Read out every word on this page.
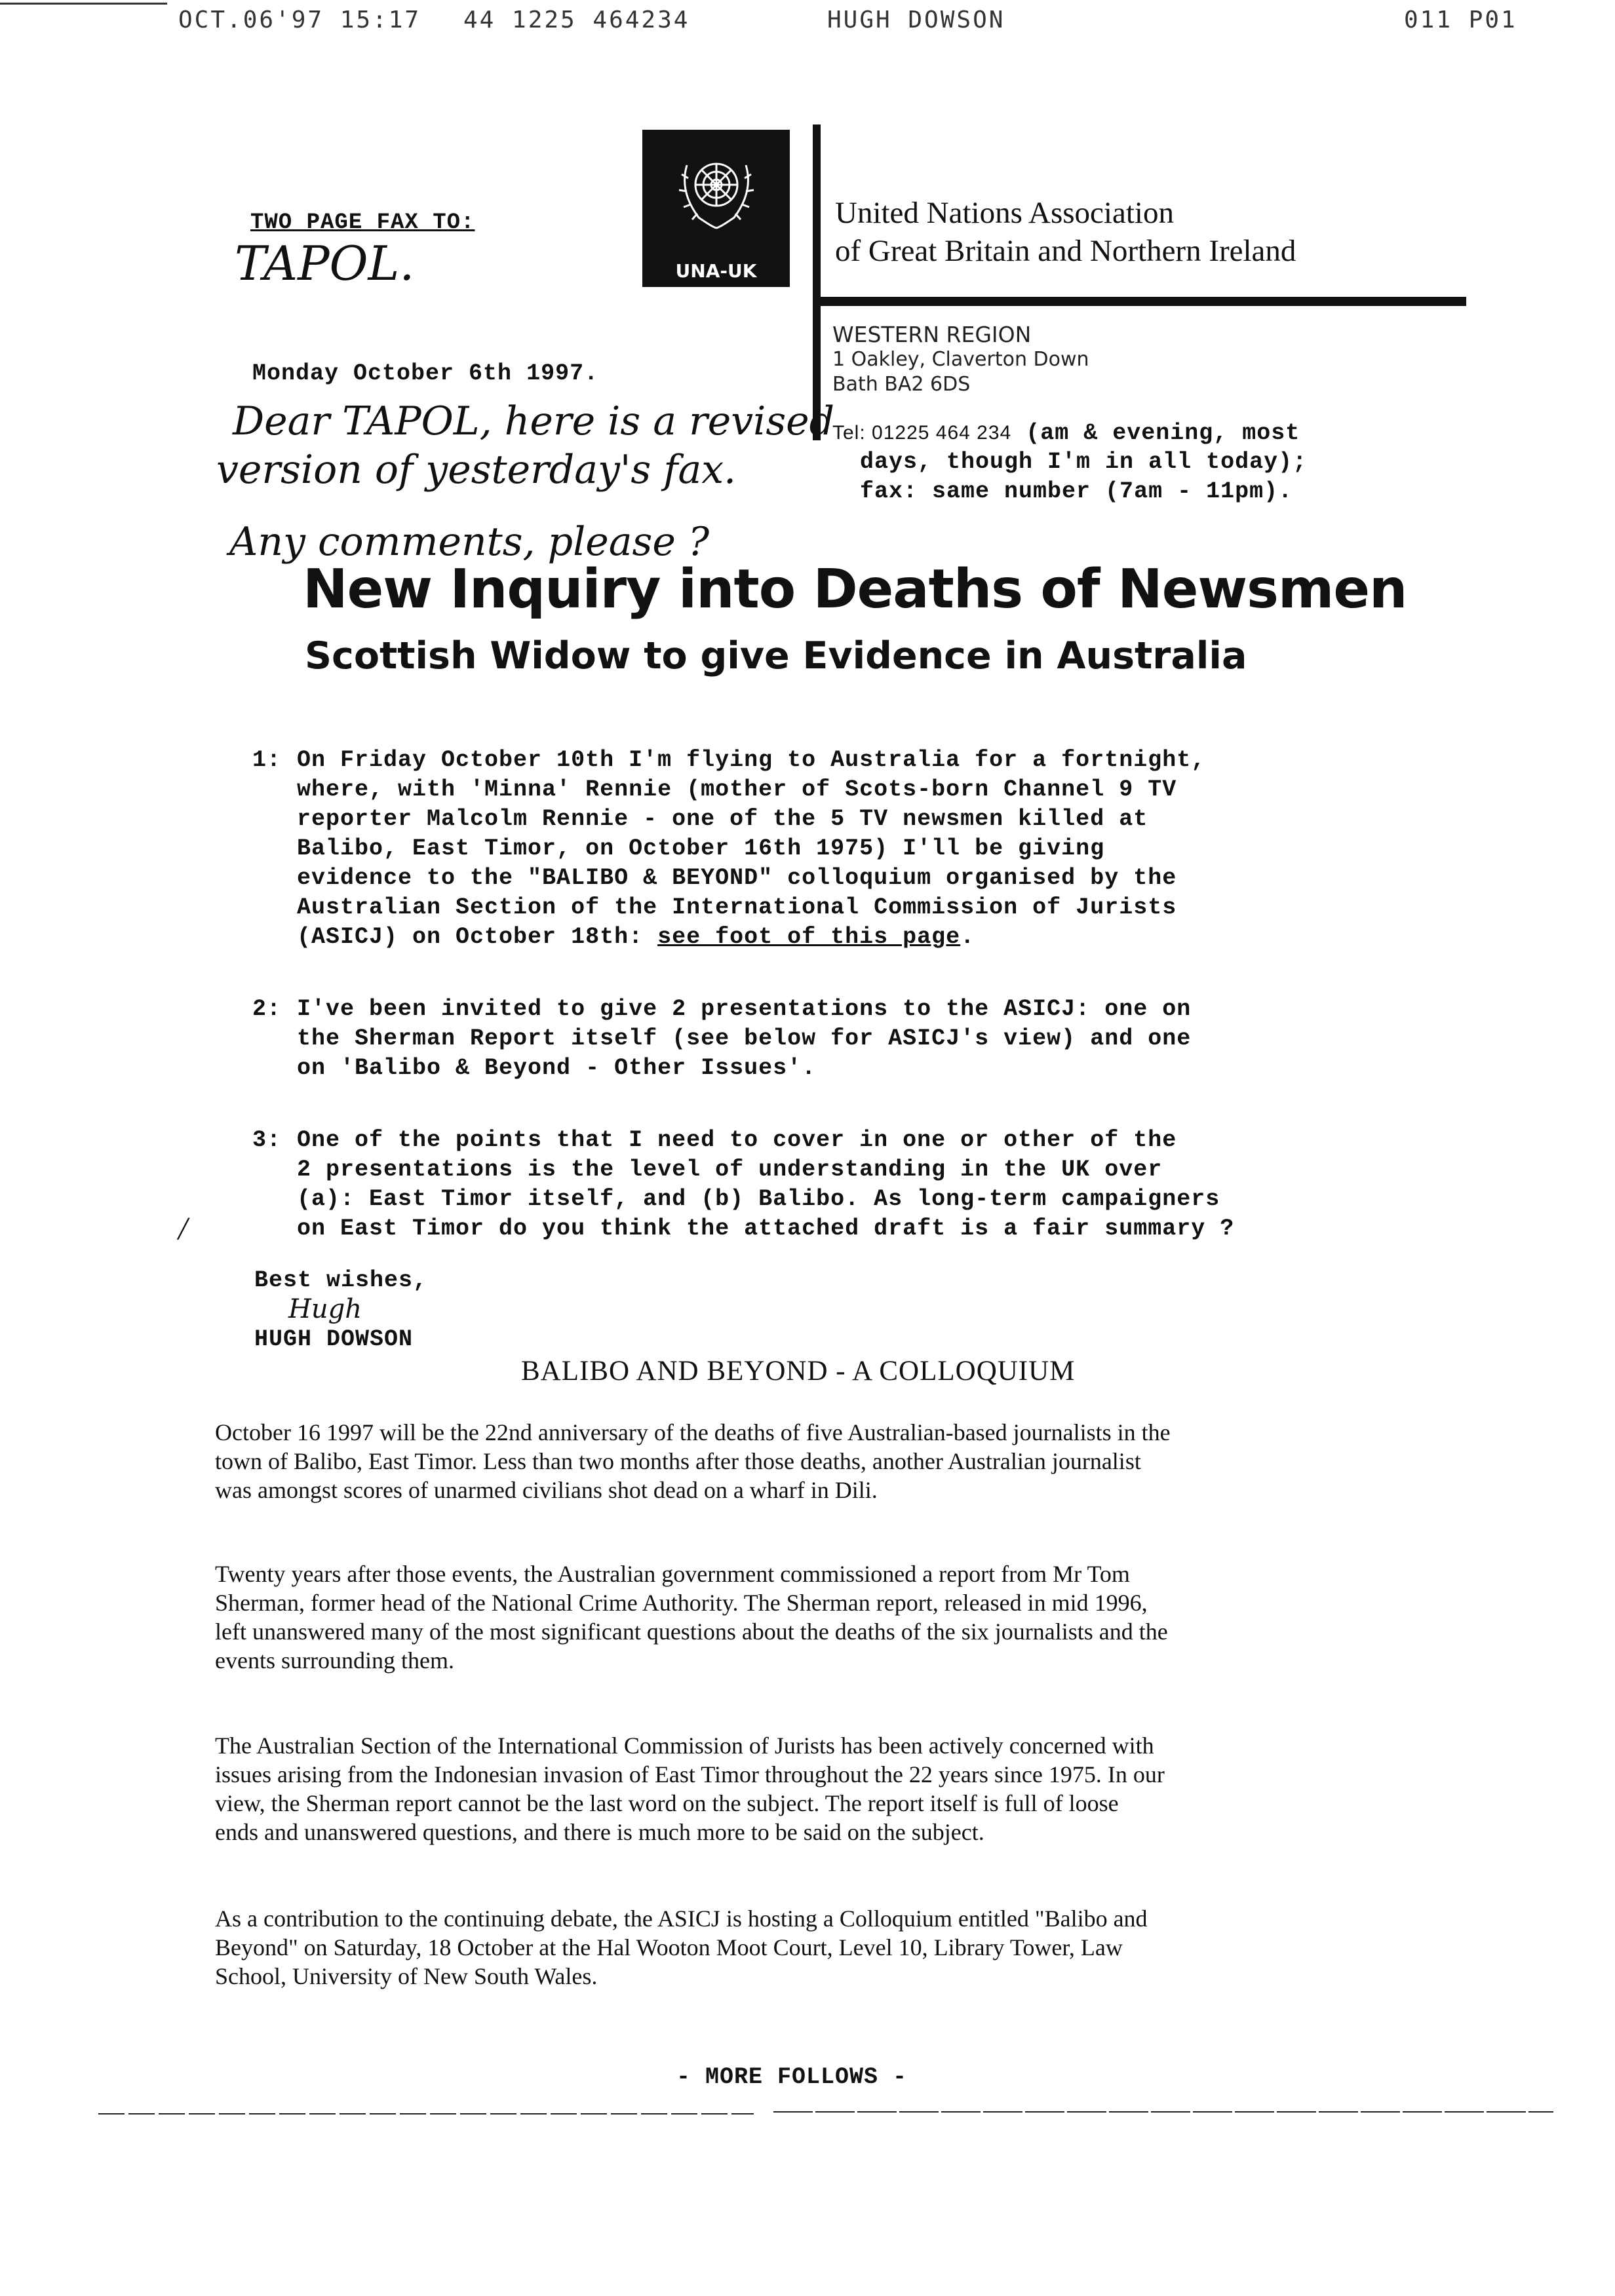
OCT.06'97 15:17 44 1225 464234	HUGH DOWSON	011 P01
TWO PAGE FAX TO:
TAPOL.	UNA-UK
United Nations Association
of Great Britain and Northern Ireland
WESTERN REGION
1 Oakley, Claverton Down
Bath BA2 6DS
Tel: 01225 464 234 (am & evening, most
days, though I'm in all today);
fax: same number (7am - 11pm).
Monday October 6th 1997.
Dear TAPOL, here is a revised
version of yesterday's fax.
Any comments, please ?
New Inquiry into Deaths of Newsmen
Scottish Widow to give Evidence in Australia
1: On Friday October 10th I'm flying to Australia for a fortnight,
where, with 'Minna' Rennie (mother of Scots-born Channel 9 TV
reporter Malcolm Rennie - one of the 5 TV newsmen killed at
Balibo, East Timor, on October 16th 1975) I'll be giving
evidence to the "BALIBO & BEYOND" colloquium organised by the
Australian Section of the International Commission of Jurists
(ASICJ) on October 18th: see foot of this page.
2: I've been invited to give 2 presentations to the ASICJ: one on
the Sherman Report itself (see below for ASICJ's view) and one
on 'Balibo & Beyond - Other Issues'.
3: One of the points that I need to cover in one or other of the
2 presentations is the level of understanding in the UK over
(a): East Timor itself, and (b) Balibo. As long-term campaigners
on East Timor do you think the attached draft is a fair summary ?
/
Best wishes,
HUGH DOWSON
Hugh
BALIBO AND BEYOND - A COLLOQUIUM
October 16 1997 will be the 22nd anniversary of the deaths of five Australian-based journalists in the
town of Balibo, East Timor. Less than two months after those deaths, another Australian journalist
was amongst scores of unarmed civilians shot dead on a wharf in Dili.
Twenty years after those events, the Australian government commissioned a report from Mr Tom
Sherman, former head of the National Crime Authority. The Sherman report, released in mid 1996,
left unanswered many of the most significant questions about the deaths of the six journalists and the
events surrounding them.
The Australian Section of the International Commission of Jurists has been actively concerned with
issues arising from the Indonesian invasion of East Timor throughout the 22 years since 1975. In our
view, the Sherman report cannot be the last word on the subject. The report itself is full of loose
ends and unanswered questions, and there is much more to be said on the subject.
As a contribution to the continuing debate, the ASICJ is hosting a Colloquium entitled "Balibo and
Beyond" on Saturday, 18 October at the Hal Wooton Moot Court, Level 10, Library Tower, Law
School, University of New South Wales.
- MORE FOLLOWS -
